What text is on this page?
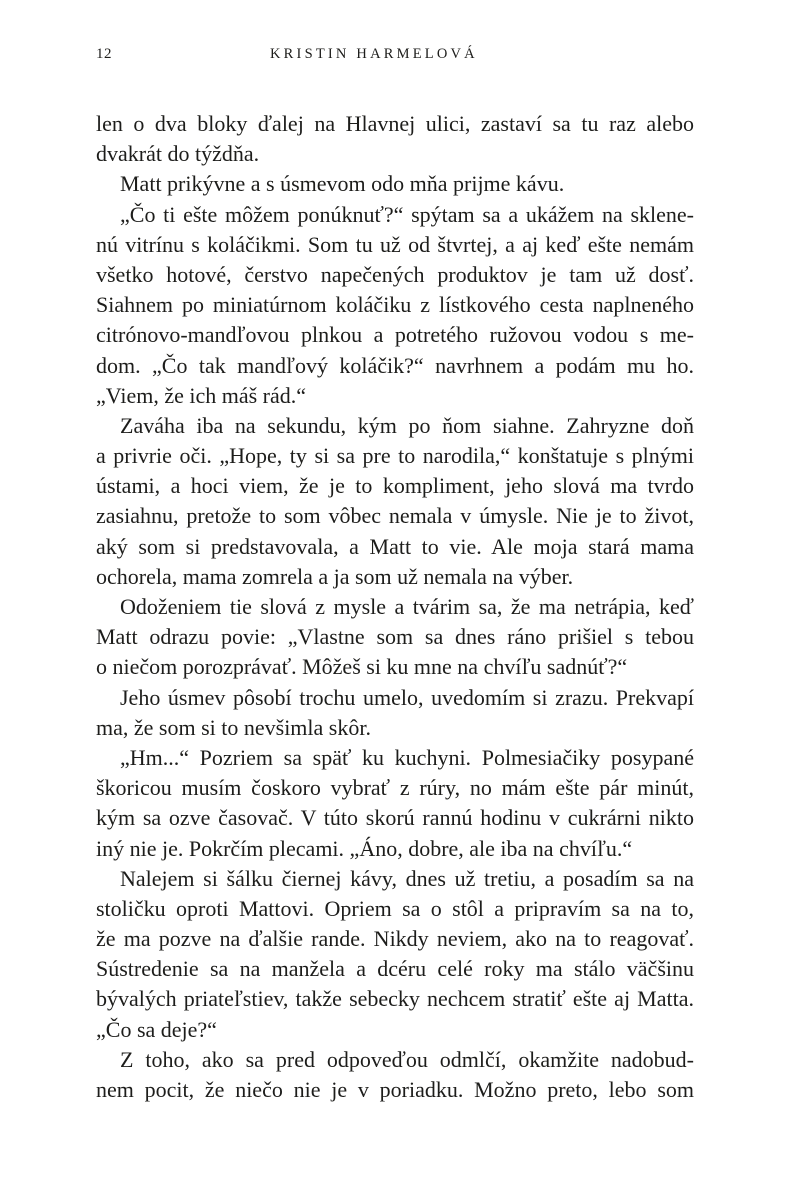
12	KRISTIN HARMELOVÁ
len o dva bloky ďalej na Hlavnej ulici, zastaví sa tu raz alebo
dvakrát do týždňa.
Matt prikývne a s úsmevom odo mňa prijme kávu.
„Čo ti ešte môžem ponúknuť?“ spýtam sa a ukážem na sklene-
nú vitrínu s koláčikmi. Som tu už od štvrtej, a aj keď ešte nemám
všetko hotové, čerstvo napečených produktov je tam už dosť.
Siahnem po miniatúrnom koláčiku z lístkového cesta naplneného
citrónovo-mandľovou plnkou a potretého ružovou vodou s me-
dom. „Čo tak mandľový koláčik?“ navrhnem a podám mu ho.
„Viem, že ich máš rád.“
Zaváha iba na sekundu, kým po ňom siahne. Zahryzne doň
a privrie oči. „Hope, ty si sa pre to narodila,“ konštatuje s plnými
ústami, a hoci viem, že je to kompliment, jeho slová ma tvrdo
zasiahnu, pretože to som vôbec nemala v úmysle. Nie je to život,
aký som si predstavovala, a Matt to vie. Ale moja stará mama
ochorela, mama zomrela a ja som už nemala na výber.
Odoženiem tie slová z mysle a tvárim sa, že ma netrápia, keď
Matt odrazu povie: „Vlastne som sa dnes ráno prišiel s tebou
o niečom porozprávať. Môžeš si ku mne na chvíľu sadnúť?“
Jeho úsmev pôsobí trochu umelo, uvedomím si zrazu. Prekvapí
ma, že som si to nevšimla skôr.
„Hm...“ Pozriem sa späť ku kuchyni. Polmesiačiky posypané
škoricou musím čoskoro vybrať z rúry, no mám ešte pár minút,
kým sa ozve časovač. V túto skorú rannú hodinu v cukrárni nikto
iný nie je. Pokrčím plecami. „Áno, dobre, ale iba na chvíľu.“
Nalejem si šálku čiernej kávy, dnes už tretiu, a posadím sa na
stoličku oproti Mattovi. Opriem sa o stôl a pripravím sa na to,
že ma pozve na ďalšie rande. Nikdy neviem, ako na to reagovať.
Sústredenie sa na manžela a dcéru celé roky ma stálo väčšinu
bývalých priateľstiev, takže sebecky nechcem stratiť ešte aj Matta.
„Čo sa deje?“
Z toho, ako sa pred odpoveďou odmlčí, okamžite nadobud-
nem pocit, že niečo nie je v poriadku. Možno preto, lebo som
